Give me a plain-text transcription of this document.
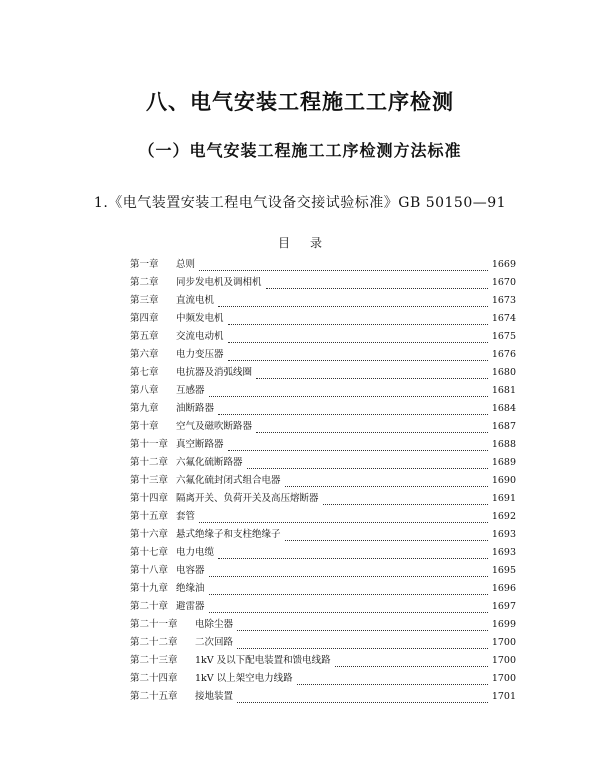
八、电气安装工程施工工序检测
（一）电气安装工程施工工序检测方法标准
1.《电气装置安装工程电气设备交接试验标准》GB 50150—91
目录
第一章	总则	1669
第二章	同步发电机及调相机	1670
第三章	直流电机	1673
第四章	中频发电机	1674
第五章	交流电动机	1675
第六章	电力变压器	1676
第七章	电抗器及消弧线圈	1680
第八章	互感器	1681
第九章	油断路器	1684
第十章	空气及磁吹断路器	1687
第十一章 真空断路器	1688
第十二章 六氟化硫断路器	1689
第十三章 六氟化硫封闭式组合电器	1690
第十四章 隔离开关、负荷开关及高压熔断器	1691
第十五章 套管	1692
第十六章 悬式绝缘子和支柱绝缘子	1693
第十七章 电力电缆	1693
第十八章 电容器	1695
第十九章 绝缘油	1696
第二十章 避雷器	1697
第二十一章	电除尘器	1699
第二十二章	二次回路	1700
第二十三章	1kV 及以下配电装置和馈电线路	1700
第二十四章	1kV 以上架空电力线路	1700
第二十五章	接地装置	1701
